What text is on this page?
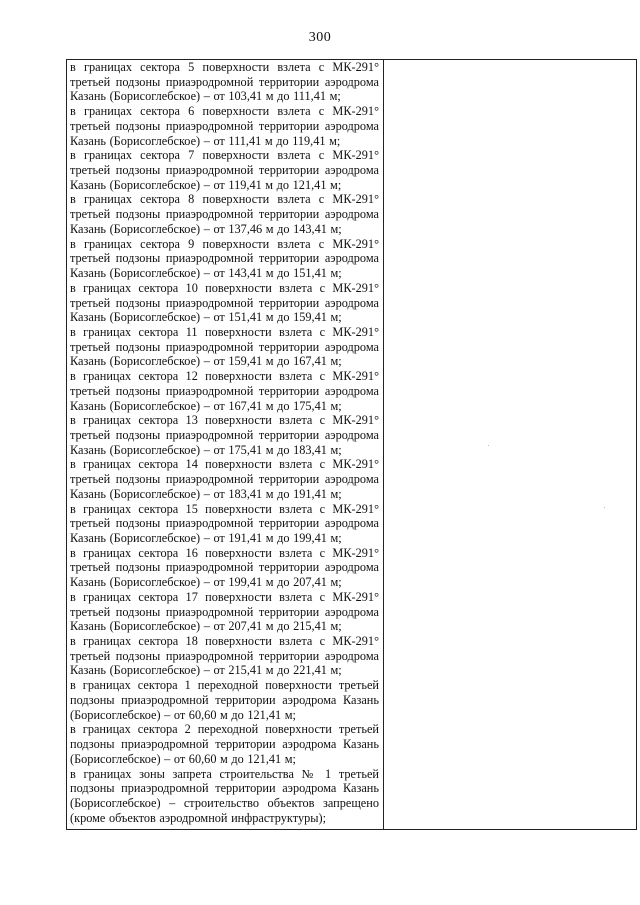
300
в границах сектора 5 поверхности взлета с МК-291° третьей подзоны приаэродромной территории аэродрома Казань (Борисоглебское) – от 103,41 м до 111,41 м;
в границах сектора 6 поверхности взлета с МК-291° третьей подзоны приаэродромной территории аэродрома Казань (Борисоглебское) – от 111,41 м до 119,41 м;
в границах сектора 7 поверхности взлета с МК-291° третьей подзоны приаэродромной территории аэродрома Казань (Борисоглебское) – от 119,41 м до 121,41 м;
в границах сектора 8 поверхности взлета с МК-291° третьей подзоны приаэродромной территории аэродрома Казань (Борисоглебское) – от 137,46 м до 143,41 м;
в границах сектора 9 поверхности взлета с МК-291° третьей подзоны приаэродромной территории аэродрома Казань (Борисоглебское) – от 143,41 м до 151,41 м;
в границах сектора 10 поверхности взлета с МК-291° третьей подзоны приаэродромной территории аэродрома Казань (Борисоглебское) – от 151,41 м до 159,41 м;
в границах сектора 11 поверхности взлета с МК-291° третьей подзоны приаэродромной территории аэродрома Казань (Борисоглебское) – от 159,41 м до 167,41 м;
в границах сектора 12 поверхности взлета с МК-291° третьей подзоны приаэродромной территории аэродрома Казань (Борисоглебское) – от 167,41 м до 175,41 м;
в границах сектора 13 поверхности взлета с МК-291° третьей подзоны приаэродромной территории аэродрома Казань (Борисоглебское) – от 175,41 м до 183,41 м;
в границах сектора 14 поверхности взлета с МК-291° третьей подзоны приаэродромной территории аэродрома Казань (Борисоглебское) – от 183,41 м до 191,41 м;
в границах сектора 15 поверхности взлета с МК-291° третьей подзоны приаэродромной территории аэродрома Казань (Борисоглебское) – от 191,41 м до 199,41 м;
в границах сектора 16 поверхности взлета с МК-291° третьей подзоны приаэродромной территории аэродрома Казань (Борисоглебское) – от 199,41 м до 207,41 м;
в границах сектора 17 поверхности взлета с МК-291° третьей подзоны приаэродромной территории аэродрома Казань (Борисоглебское) – от 207,41 м до 215,41 м;
в границах сектора 18 поверхности взлета с МК-291° третьей подзоны приаэродромной территории аэродрома Казань (Борисоглебское) – от 215,41 м до 221,41 м;
в границах сектора 1 переходной поверхности третьей подзоны приаэродромной территории аэродрома Казань (Борисоглебское) – от 60,60 м до 121,41 м;
в границах сектора 2 переходной поверхности третьей подзоны приаэродромной территории аэродрома Казань (Борисоглебское) – от 60,60 м до 121,41 м;
в границах зоны запрета строительства № 1 третьей подзоны приаэродромной территории аэродрома Казань (Борисоглебское) – строительство объектов запрещено (кроме объектов аэродромной инфраструктуры);
